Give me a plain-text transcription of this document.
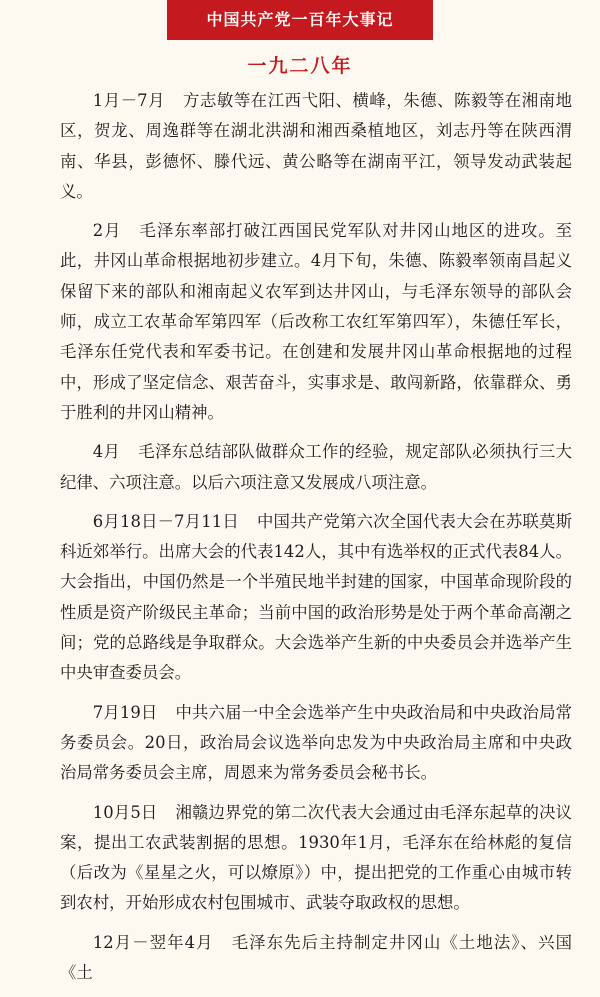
中国共产党一百年大事记
一九二八年

1月－7月 方志敏等在江西弋阳、横峰，朱德、陈毅等在湘南地区，贺龙、周逸群等在湖北洪湖和湘西桑植地区，刘志丹等在陕西渭南、华县，彭德怀、滕代远、黄公略等在湖南平江，领导发动武装起义。

2月 毛泽东率部打破江西国民党军队对井冈山地区的进攻。至此，井冈山革命根据地初步建立。4月下旬，朱德、陈毅率领南昌起义保留下来的部队和湘南起义农军到达井冈山，与毛泽东领导的部队会师，成立工农革命军第四军（后改称工农红军第四军），朱德任军长，毛泽东任党代表和军委书记。在创建和发展井冈山革命根据地的过程中，形成了坚定信念、艰苦奋斗，实事求是、敢闯新路，依靠群众、勇于胜利的井冈山精神。

4月 毛泽东总结部队做群众工作的经验，规定部队必须执行三大纪律、六项注意。以后六项注意又发展成八项注意。

6月18日－7月11日 中国共产党第六次全国代表大会在苏联莫斯科近郊举行。出席大会的代表142人，其中有选举权的正式代表84人。大会指出，中国仍然是一个半殖民地半封建的国家，中国革命现阶段的性质是资产阶级民主革命；当前中国的政治形势是处于两个革命高潮之间；党的总路线是争取群众。大会选举产生新的中央委员会并选举产生中央审查委员会。

7月19日 中共六届一中全会选举产生中央政治局和中央政治局常务委员会。20日，政治局会议选举向忠发为中央政治局主席和中央政治局常务委员会主席，周恩来为常务委员会秘书长。

10月5日 湘赣边界党的第二次代表大会通过由毛泽东起草的决议案，提出工农武装割据的思想。1930年1月，毛泽东在给林彪的复信（后改为《星星之火，可以燎原》）中，提出把党的工作重心由城市转到农村，开始形成农村包围城市、武装夺取政权的思想。

12月－翌年4月 毛泽东先后主持制定井冈山《土地法》、兴国《土
